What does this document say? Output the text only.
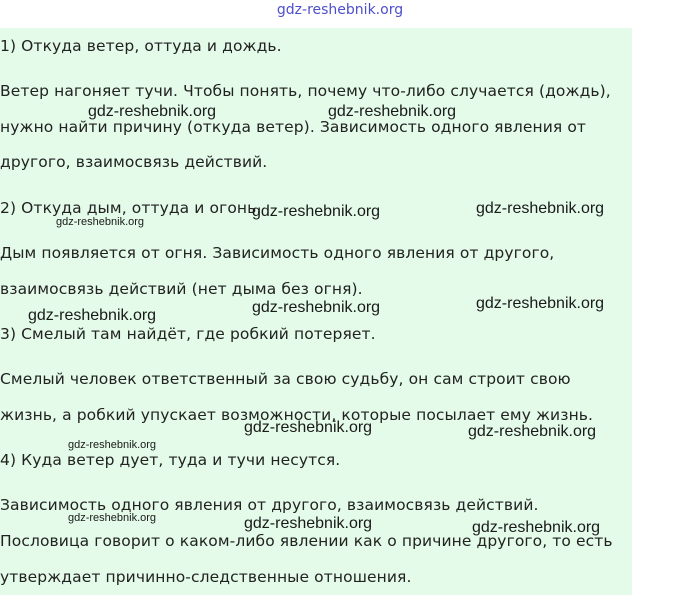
gdz-reshebnik.org
1) Откуда ветер, оттуда и дождь.
Ветер нагоняет тучи. Чтобы понять, почему что-либо случается (дождь),
нужно найти причину (откуда ветер). Зависимость одного явления от
другого, взаимосвязь действий.
2) Откуда дым, оттуда и огонь.
Дым появляется от огня. Зависимость одного явления от другого,
взаимосвязь действий (нет дыма без огня).
3) Смелый там найдёт, где робкий потеряет.
Смелый человек ответственный за свою судьбу, он сам строит свою
жизнь, а робкий упускает возможности, которые посылает ему жизнь.
4) Куда ветер дует, туда и тучи несутся.
Зависимость одного явления от другого, взаимосвязь действий.
Пословица говорит о каком-либо явлении как о причине другого, то есть
утверждает причинно-следственные отношения.
gdz-reshebnik.org	gdz-reshebnik.org
gdz-reshebnik.org	gdz-reshebnik.org
gdz-reshebnik.org
gdz-reshebnik.org	gdz-reshebnik.org
gdz-reshebnik.org
gdz-reshebnik.org	gdz-reshebnik.org
gdz-reshebnik.org
gdz-reshebnik.org	gdz-reshebnik.org	gdz-reshebnik.org
